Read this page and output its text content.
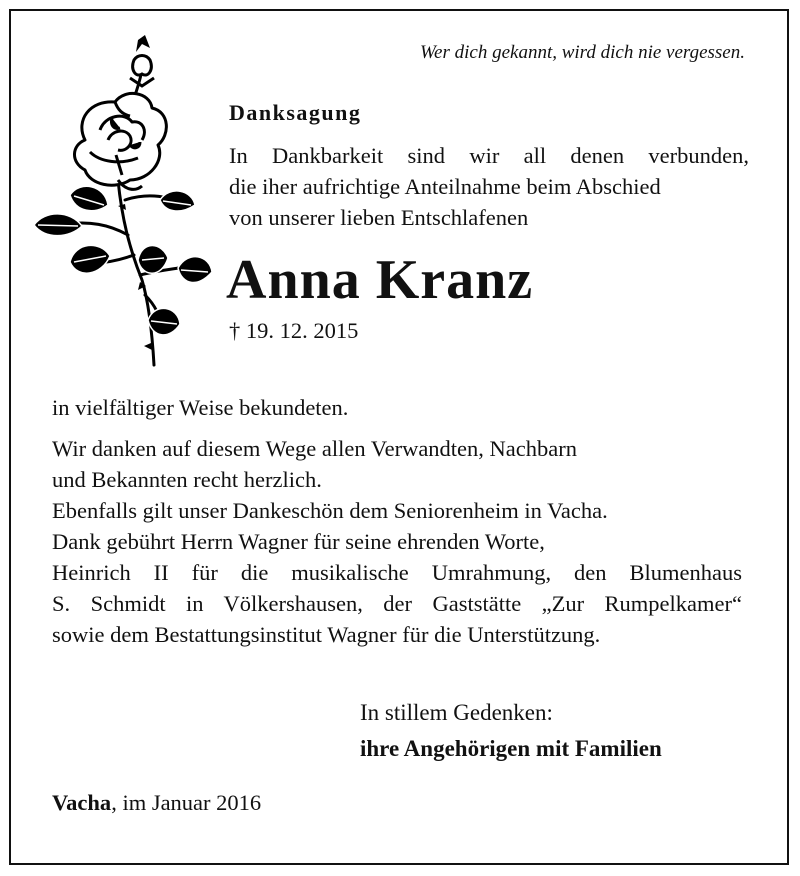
Wer dich gekannt, wird dich nie vergessen.
Danksagung
In Dankbarkeit sind wir all denen verbunden,
die iher aufrichtige Anteilnahme beim Abschied
von unserer lieben Entschlafenen
Anna Kranz
† 19. 12. 2015
in vielfältiger Weise bekundeten.
Wir danken auf diesem Wege allen Verwandten, Nachbarn
und Bekannten recht herzlich.
Ebenfalls gilt unser Dankeschön dem Seniorenheim in Vacha.
Dank gebührt Herrn Wagner für seine ehrenden Worte,
Heinrich II für die musikalische Umrahmung, den Blumenhaus
S. Schmidt in Völkershausen, der Gaststätte „Zur Rumpelkamer“
sowie dem Bestattungsinstitut Wagner für die Unterstützung.
In stillem Gedenken:
ihre Angehörigen mit Familien
Vacha, im Januar 2016
